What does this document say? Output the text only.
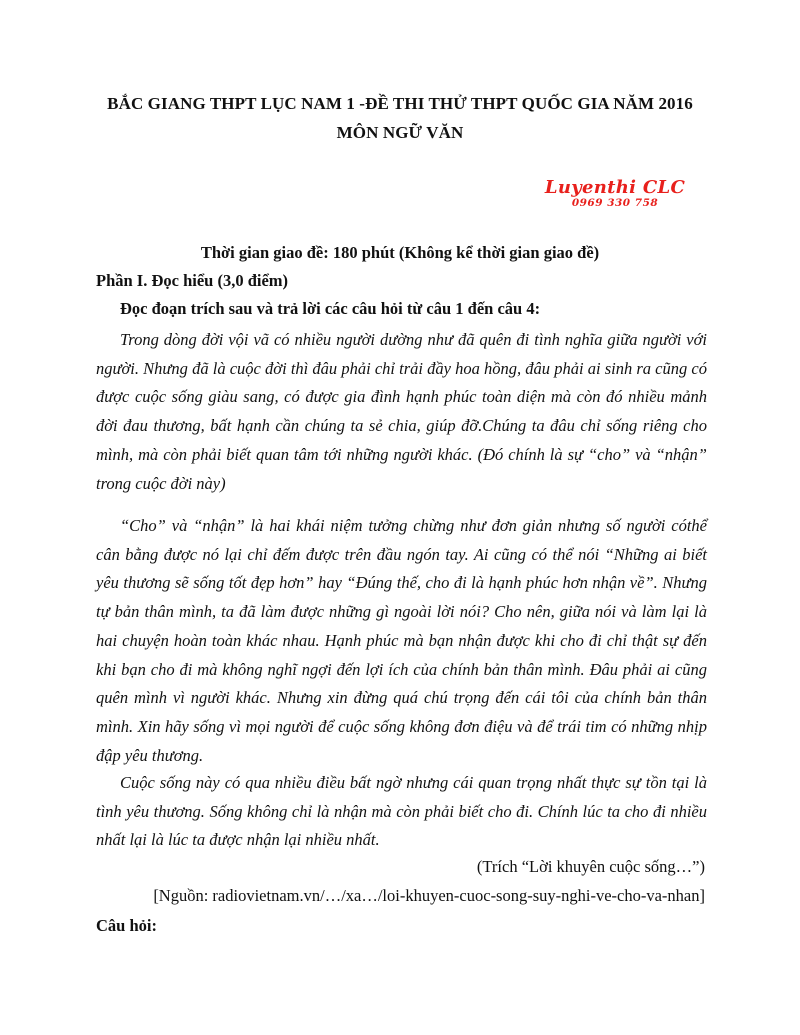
BẮC GIANG THPT LỤC NAM 1 -ĐỀ THI THỬ THPT QUỐC GIA NĂM 2016
MÔN NGỮ VĂN
Luyenthi CLC
0969 330 758
Thời gian giao đề: 180 phút (Không kể thời gian giao đề)
Phần I. Đọc hiểu (3,0 điểm)
Đọc đoạn trích sau và trả lời các câu hỏi từ câu 1 đến câu 4:
Trong dòng đời vội vã có nhiều người dường như đã quên đi tình nghĩa giữa người với người. Nhưng đã là cuộc đời thì đâu phải chỉ trải đầy hoa hồng, đâu phải ai sinh ra cũng có được cuộc sống giàu sang, có được gia đình hạnh phúc toàn diện mà còn đó nhiều mảnh đời đau thương, bất hạnh cần chúng ta sẻ chia, giúp đỡ.Chúng ta đâu chỉ sống riêng cho mình, mà còn phải biết quan tâm tới những người khác. (Đó chính là sự “cho” và “nhận” trong cuộc đời này)
“Cho” và “nhận” là hai khái niệm tưởng chừng như đơn giản nhưng số người cóthể cân bằng được nó lại chỉ đếm được trên đầu ngón tay. Ai cũng có thể nói “Những ai biết yêu thương sẽ sống tốt đẹp hơn” hay “Đúng thế, cho đi là hạnh phúc hơn nhận về”. Nhưng tự bản thân mình, ta đã làm được những gì ngoài lời nói? Cho nên, giữa nói và làm lại là hai chuyện hoàn toàn khác nhau. Hạnh phúc mà bạn nhận được khi cho đi chỉ thật sự đến khi bạn cho đi mà không nghĩ ngợi đến lợi ích của chính bản thân mình. Đâu phải ai cũng quên mình vì người khác. Nhưng xin đừng quá chú trọng đến cái tôi của chính bản thân mình. Xin hãy sống vì mọi người để cuộc sống không đơn điệu và để trái tim có những nhịp đập yêu thương.
Cuộc sống này có qua nhiều điều bất ngờ nhưng cái quan trọng nhất thực sự tồn tại là tình yêu thương. Sống không chỉ là nhận mà còn phải biết cho đi. Chính lúc ta cho đi nhiều nhất lại là lúc ta được nhận lại nhiều nhất.
(Trích “Lời khuyên cuộc sống…”)
[Nguồn: radiovietnam.vn/…/xa…/loi-khuyen-cuoc-song-suy-nghi-ve-cho-va-nhan]
Câu hỏi:
